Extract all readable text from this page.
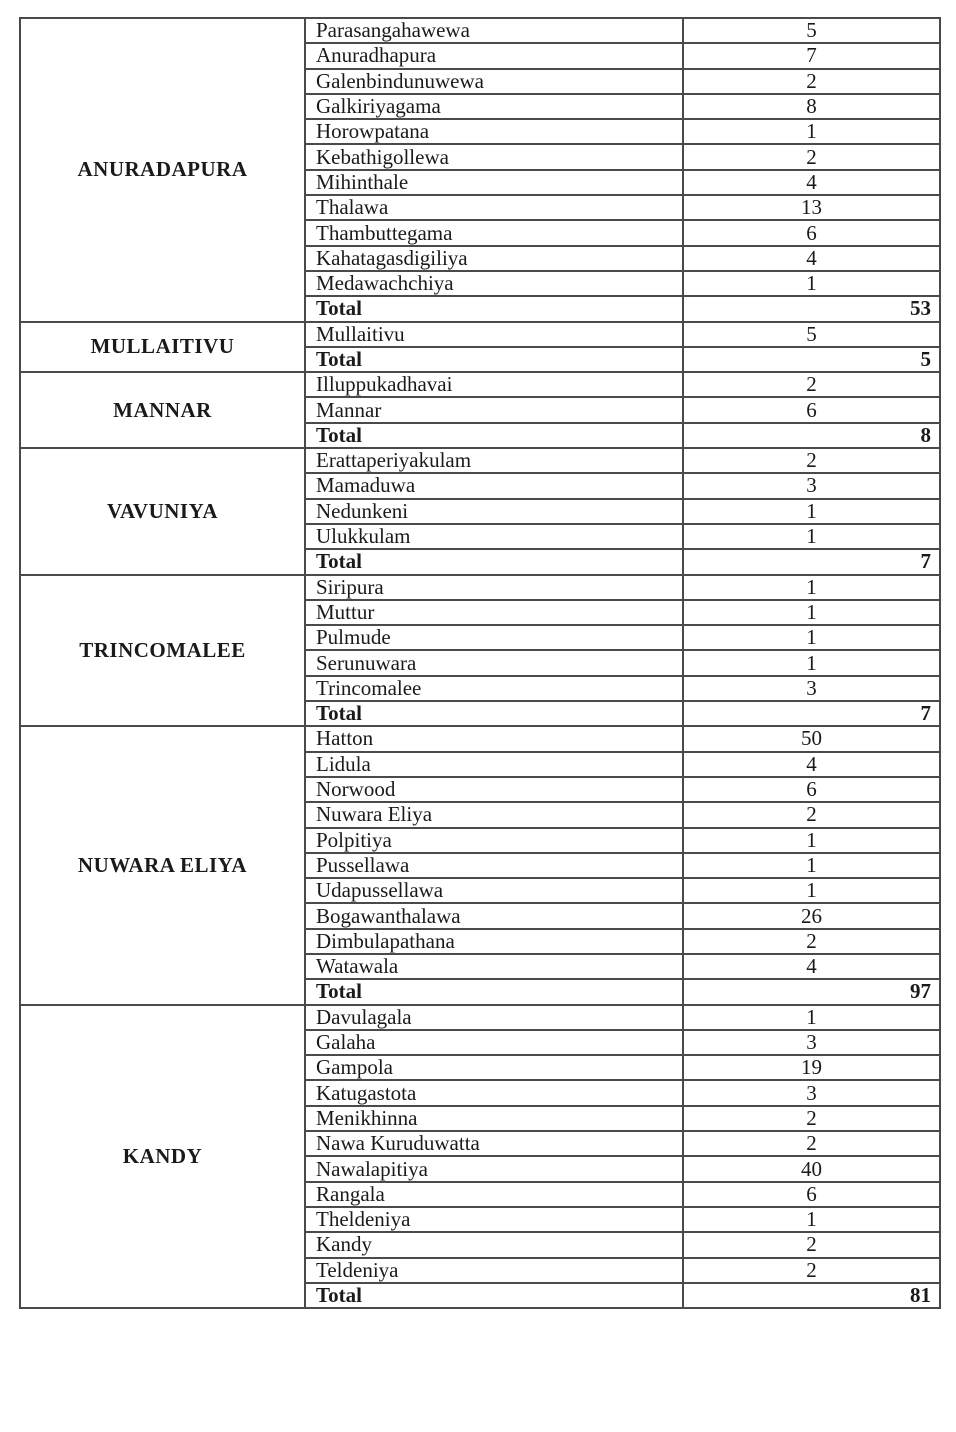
ANURADAPURA	Parasangahawewa	5
	Anuradhapura	7
	Galenbindunuwewa	2
	Galkiriyagama	8
	Horowpatana	1
	Kebathigollewa	2
	Mihinthale	4
	Thalawa	13
	Thambuttegama	6
	Kahatagasdigiliya	4
	Medawachchiya	1
	Total	53
MULLAITIVU	Mullaitivu	5
	Total	5
MANNAR	Illuppukadhavai	2
	Mannar	6
	Total	8
VAVUNIYA	Erattaperiyakulam	2
	Mamaduwa	3
	Nedunkeni	1
	Ulukkulam	1
	Total	7
TRINCOMALEE	Siripura	1
	Muttur	1
	Pulmude	1
	Serunuwara	1
	Trincomalee	3
	Total	7
NUWARA ELIYA	Hatton	50
	Lidula	4
	Norwood	6
	Nuwara Eliya	2
	Polpitiya	1
	Pussellawa	1
	Udapussellawa	1
	Bogawanthalawa	26
	Dimbulapathana	2
	Watawala	4
	Total	97
KANDY	Davulagala	1
	Galaha	3
	Gampola	19
	Katugastota	3
	Menikhinna	2
	Nawa Kuruduwatta	2
	Nawalapitiya	40
	Rangala	6
	Theldeniya	1
	Kandy	2
	Teldeniya	2
	Total	81
